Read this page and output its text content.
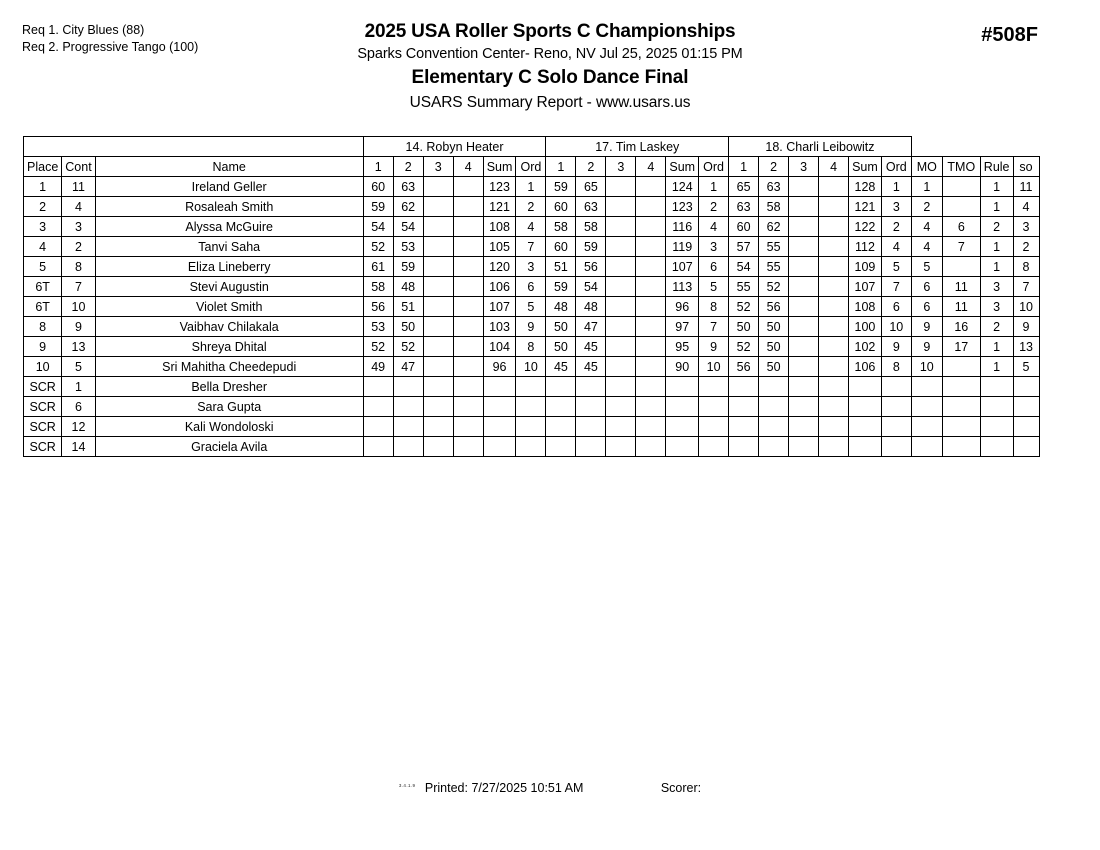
Req 1. City Blues (88)
Req 2. Progressive Tango (100)
2025 USA Roller Sports C Championships
Sparks Convention Center- Reno, NV Jul 25, 2025 01:15 PM
Elementary C Solo Dance Final
USARS Summary Report - www.usars.us
#508F
			14. Robyn Heater						17. Tim Laskey						18. Charli Leibowitz									
Place	Cont	Name	1	2	3	4	Sum	Ord	1	2	3	4	Sum	Ord	1	2	3	4	Sum	Ord	MO	TMO	Rule	so
1	11	Ireland Geller	60	63			123	1	59	65			124	1	65	63			128	1	1		1	11
2	4	Rosaleah Smith	59	62			121	2	60	63			123	2	63	58			121	3	2		1	4
3	3	Alyssa McGuire	54	54			108	4	58	58			116	4	60	62			122	2	4	6	2	3
4	2	Tanvi Saha	52	53			105	7	60	59			119	3	57	55			112	4	4	7	1	2
5	8	Eliza Lineberry	61	59			120	3	51	56			107	6	54	55			109	5	5		1	8
6T	7	Stevi Augustin	58	48			106	6	59	54			113	5	55	52			107	7	6	11	3	7
6T	10	Violet Smith	56	51			107	5	48	48			96	8	52	56			108	6	6	11	3	10
8	9	Vaibhav Chilakala	53	50			103	9	50	47			97	7	50	50			100	10	9	16	2	9
9	13	Shreya Dhital	52	52			104	8	50	45			95	9	52	50			102	9	9	17	1	13
10	5	Sri Mahitha Cheedepudi	49	47			96	10	45	45			90	10	56	50			106	8	10		1	5
SCR	1	Bella Dresher																						
SCR	6	Sara Gupta																						
SCR	12	Kali Wondoloski																						
SCR	14	Graciela Avila																						
$^{3.4.1.9}$ Printed: 7/27/2025 10:51 AM	Scorer:
